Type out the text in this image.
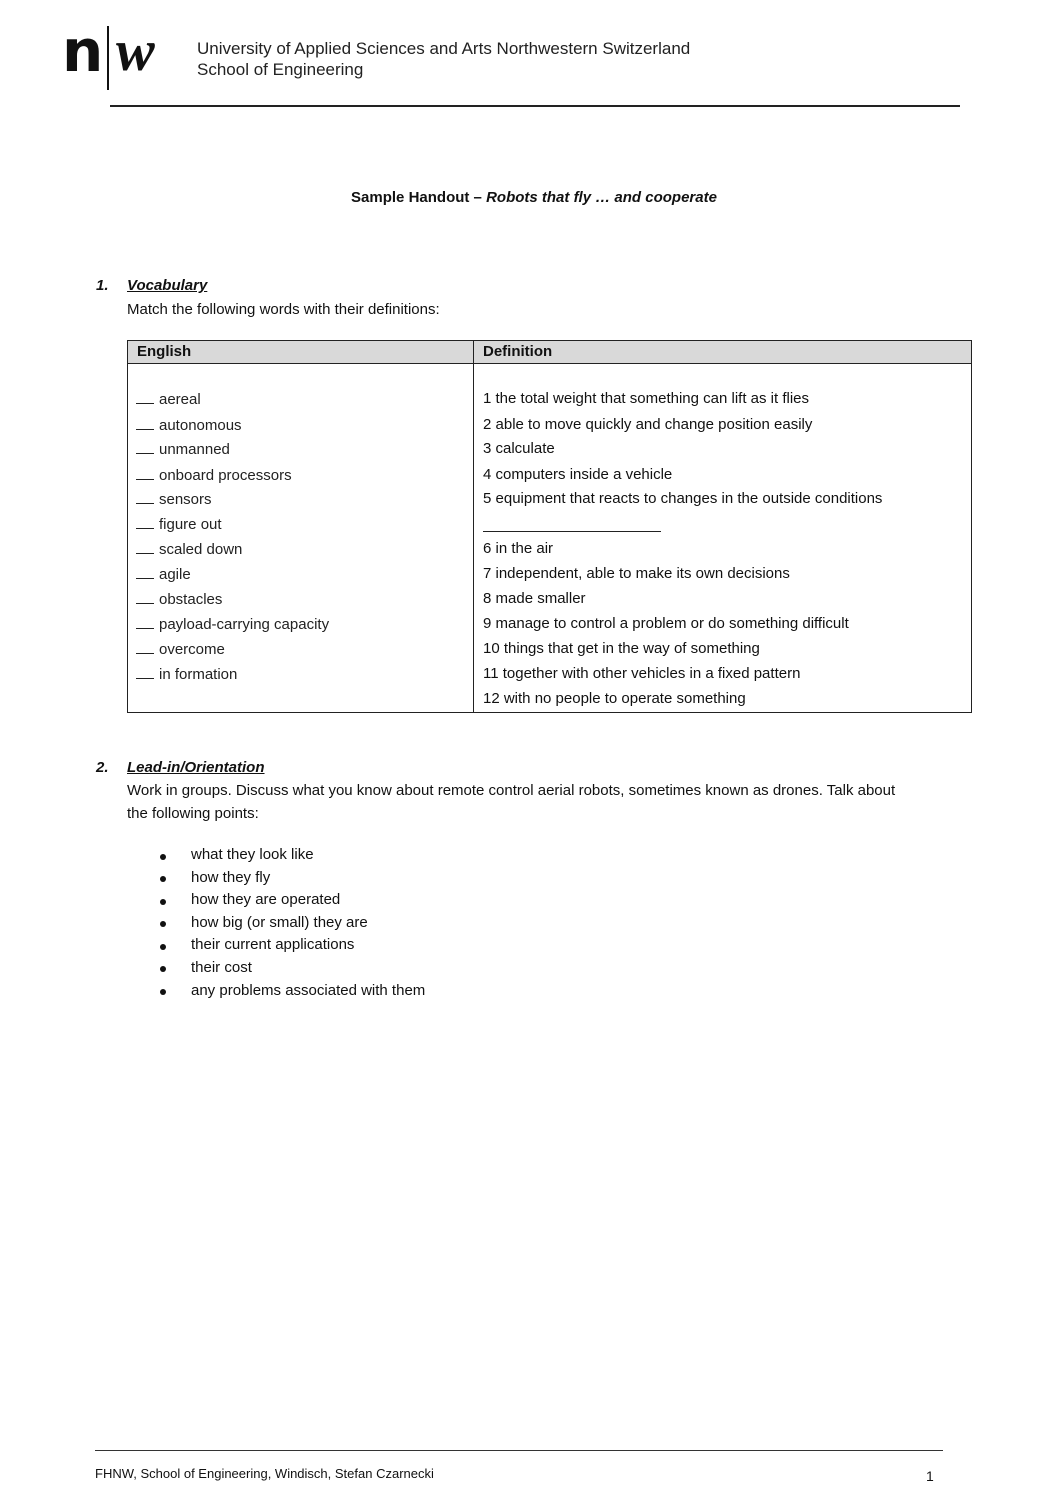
n w University of Applied Sciences and Arts Northwestern Switzerland
School of Engineering
Sample Handout – Robots that fly … and cooperate
1. Vocabulary
Match the following words with their definitions:
English	Definition
aereal
autonomous
unmanned
onboard processors
sensors
figure out
scaled down
agile
obstacles
payload-carrying capacity
overcome
in formation
1 the total weight that something can lift as it flies
2 able to move quickly and change position easily
3 calculate
4 computers inside a vehicle
5 equipment that reacts to changes in the outside conditions
6 in the air
7 independent, able to make its own decisions
8 made smaller
9 manage to control a problem or do something difficult
10 things that get in the way of something
11 together with other vehicles in a fixed pattern
12 with no people to operate something
2. Lead-in/Orientation
Work in groups. Discuss what you know about remote control aerial robots, sometimes known as drones. Talk about
the following points:
what they look like
how they fly
how they are operated
how big (or small) they are
their current applications
their cost
any problems associated with them
FHNW, School of Engineering, Windisch, Stefan Czarnecki	1
